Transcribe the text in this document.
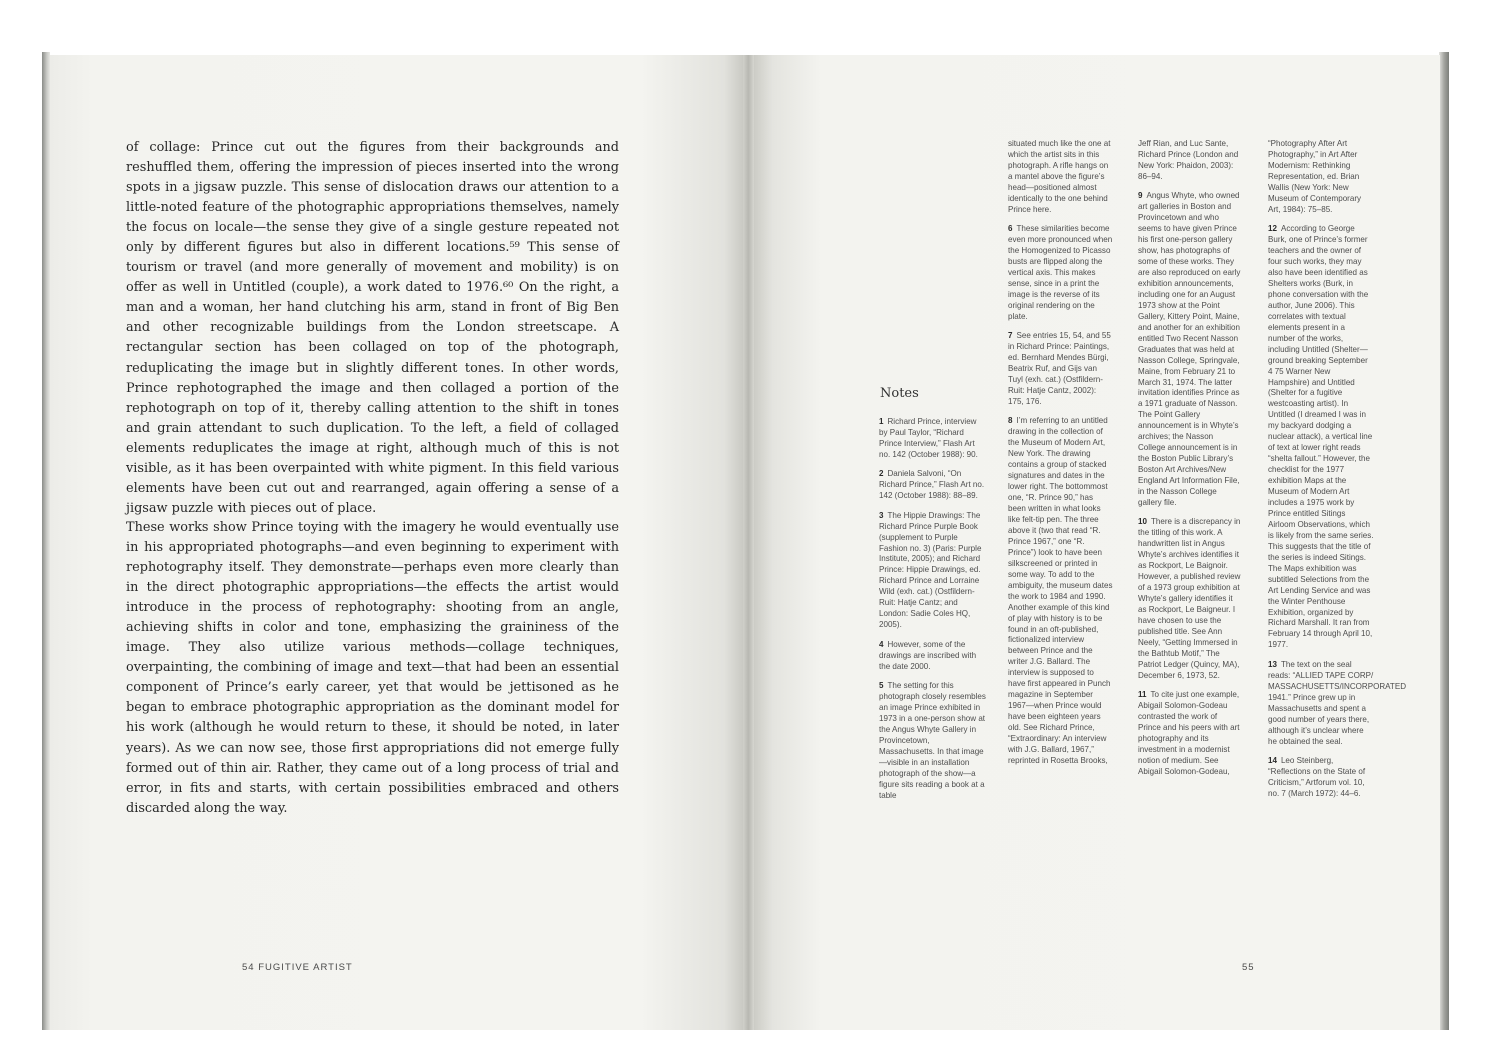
of collage: Prince cut out the figures from their backgrounds and reshuffled them, offering the impression of pieces inserted into the wrong spots in a jigsaw puzzle. This sense of dislocation draws our attention to a little-noted feature of the photographic appropriations themselves, namely the focus on locale—the sense they give of a single gesture repeated not only by different figures but also in different locations.⁵⁹ This sense of tourism or travel (and more generally of movement and mobility) is on offer as well in Untitled (couple), a work dated to 1976.⁶⁰ On the right, a man and a woman, her hand clutching his arm, stand in front of Big Ben and other recognizable buildings from the London streetscape. A rectangular section has been collaged on top of the photograph, reduplicating the image but in slightly different tones. In other words, Prince rephotographed the image and then collaged a portion of the rephotograph on top of it, thereby calling attention to the shift in tones and grain attendant to such duplication. To the left, a field of collaged elements reduplicates the image at right, although much of this is not visible, as it has been overpainted with white pigment. In this field various elements have been cut out and rearranged, again offering a sense of a jigsaw puzzle with pieces out of place.

These works show Prince toying with the imagery he would eventually use in his appropriated photographs—and even beginning to experiment with rephotography itself. They demonstrate—perhaps even more clearly than in the direct photographic appropriations—the effects the artist would introduce in the process of rephotography: shooting from an angle, achieving shifts in color and tone, emphasizing the graininess of the image. They also utilize various methods—collage techniques, overpainting, the combining of image and text—that had been an essential component of Prince’s early career, yet that would be jettisoned as he began to embrace photographic appropriation as the dominant model for his work (although he would return to these, it should be noted, in later years). As we can now see, those first appropriations did not emerge fully formed out of thin air. Rather, they came out of a long process of trial and error, in fits and starts, with certain possibilities embraced and others discarded along the way.

54 FUGITIVE ARTIST	55
Notes

1 Richard Prince, interview by Paul Taylor, “Richard Prince Interview,” Flash Art no. 142 (October 1988): 90.

2 Daniela Salvoni, “On Richard Prince,” Flash Art no. 142 (October 1988): 88–89.

3 The Hippie Drawings: The Richard Prince Purple Book (supplement to Purple Fashion no. 3) (Paris: Purple Institute, 2005); and Richard Prince: Hippie Drawings, ed. Richard Prince and Lorraine Wild (exh. cat.) (Ostfildern-Ruit: Hatje Cantz; and London: Sadie Coles HQ, 2005).

4 However, some of the drawings are inscribed with the date 2000.

5 The setting for this photograph closely resembles an image Prince exhibited in 1973 in a one-person show at the Angus Whyte Gallery in Provincetown, Massachusetts. In that image—visible in an installation photograph of the show—a figure sits reading a book at a table

situated much like the one at which the artist sits in this photograph. A rifle hangs on a mantel above the figure’s head—positioned almost identically to the one behind Prince here.

6 These similarities become even more pronounced when the Homogenized to Picasso busts are flipped along the vertical axis. This makes sense, since in a print the image is the reverse of its original rendering on the plate.

7 See entries 15, 54, and 55 in Richard Prince: Paintings, ed. Bernhard Mendes Bürgi, Beatrix Ruf, and Gijs van Tuyl (exh. cat.) (Ostfildern-Ruit: Hatje Cantz, 2002): 175, 176.

8 I’m referring to an untitled drawing in the collection of the Museum of Modern Art, New York. The drawing contains a group of stacked signatures and dates in the lower right. The bottommost one, “R. Prince 90,” has been written in what looks like felt-tip pen. The three above it (two that read “R. Prince 1967,” one “R. Prince”) look to have been silkscreened or printed in some way. To add to the ambiguity, the museum dates the work to 1984 and 1990. Another example of this kind of play with history is to be found in an oft-published, fictionalized interview between Prince and the writer J.G. Ballard. The interview is supposed to have first appeared in Punch magazine in September 1967—when Prince would have been eighteen years old. See Richard Prince, “Extraordinary: An interview with J.G. Ballard, 1967,” reprinted in Rosetta Brooks,

Jeff Rian, and Luc Sante, Richard Prince (London and New York: Phaidon, 2003): 86–94.

9 Angus Whyte, who owned art galleries in Boston and Provincetown and who seems to have given Prince his first one-person gallery show, has photographs of some of these works. They are also reproduced on early exhibition announcements, including one for an August 1973 show at the Point Gallery, Kittery Point, Maine, and another for an exhibition entitled Two Recent Nasson Graduates that was held at Nasson College, Springvale, Maine, from February 21 to March 31, 1974. The latter invitation identifies Prince as a 1971 graduate of Nasson. The Point Gallery announcement is in Whyte’s archives; the Nasson College announcement is in the Boston Public Library’s Boston Art Archives/New England Art Information File, in the Nasson College gallery file.

10 There is a discrepancy in the titling of this work. A handwritten list in Angus Whyte’s archives identifies it as Rockport, Le Baignoir. However, a published review of a 1973 group exhibition at Whyte’s gallery identifies it as Rockport, Le Baigneur. I have chosen to use the published title. See Ann Neely, “Getting Immersed in the Bathtub Motif,” The Patriot Ledger (Quincy, MA), December 6, 1973, 52.

11 To cite just one example, Abigail Solomon-Godeau contrasted the work of Prince and his peers with art photography and its investment in a modernist notion of medium. See Abigail Solomon-Godeau,

“Photography After Art Photography,” in Art After Modernism: Rethinking Representation, ed. Brian Wallis (New York: New Museum of Contemporary Art, 1984): 75–85.

12 According to George Burk, one of Prince’s former teachers and the owner of four such works, they may also have been identified as Shelters works (Burk, in phone conversation with the author, June 2006). This correlates with textual elements present in a number of the works, including Untitled (Shelter—ground breaking September 4 75 Warner New Hampshire) and Untitled (Shelter for a fugitive westcoasting artist). In Untitled (I dreamed I was in my backyard dodging a nuclear attack), a vertical line of text at lower right reads “shelta fallout.” However, the checklist for the 1977 exhibition Maps at the Museum of Modern Art includes a 1975 work by Prince entitled Sitings Airloom Observations, which is likely from the same series. This suggests that the title of the series is indeed Sitings. The Maps exhibition was subtitled Selections from the Art Lending Service and was the Winter Penthouse Exhibition, organized by Richard Marshall. It ran from February 14 through April 10, 1977.

13 The text on the seal reads: “ALLIED TAPE CORP/ MASSACHUSETTS/INCORPORATED 1941.” Prince grew up in Massachusetts and spent a good number of years there, although it’s unclear where he obtained the seal.

14 Leo Steinberg, “Reflections on the State of Criticism,” Artforum vol. 10, no. 7 (March 1972): 44–6.
